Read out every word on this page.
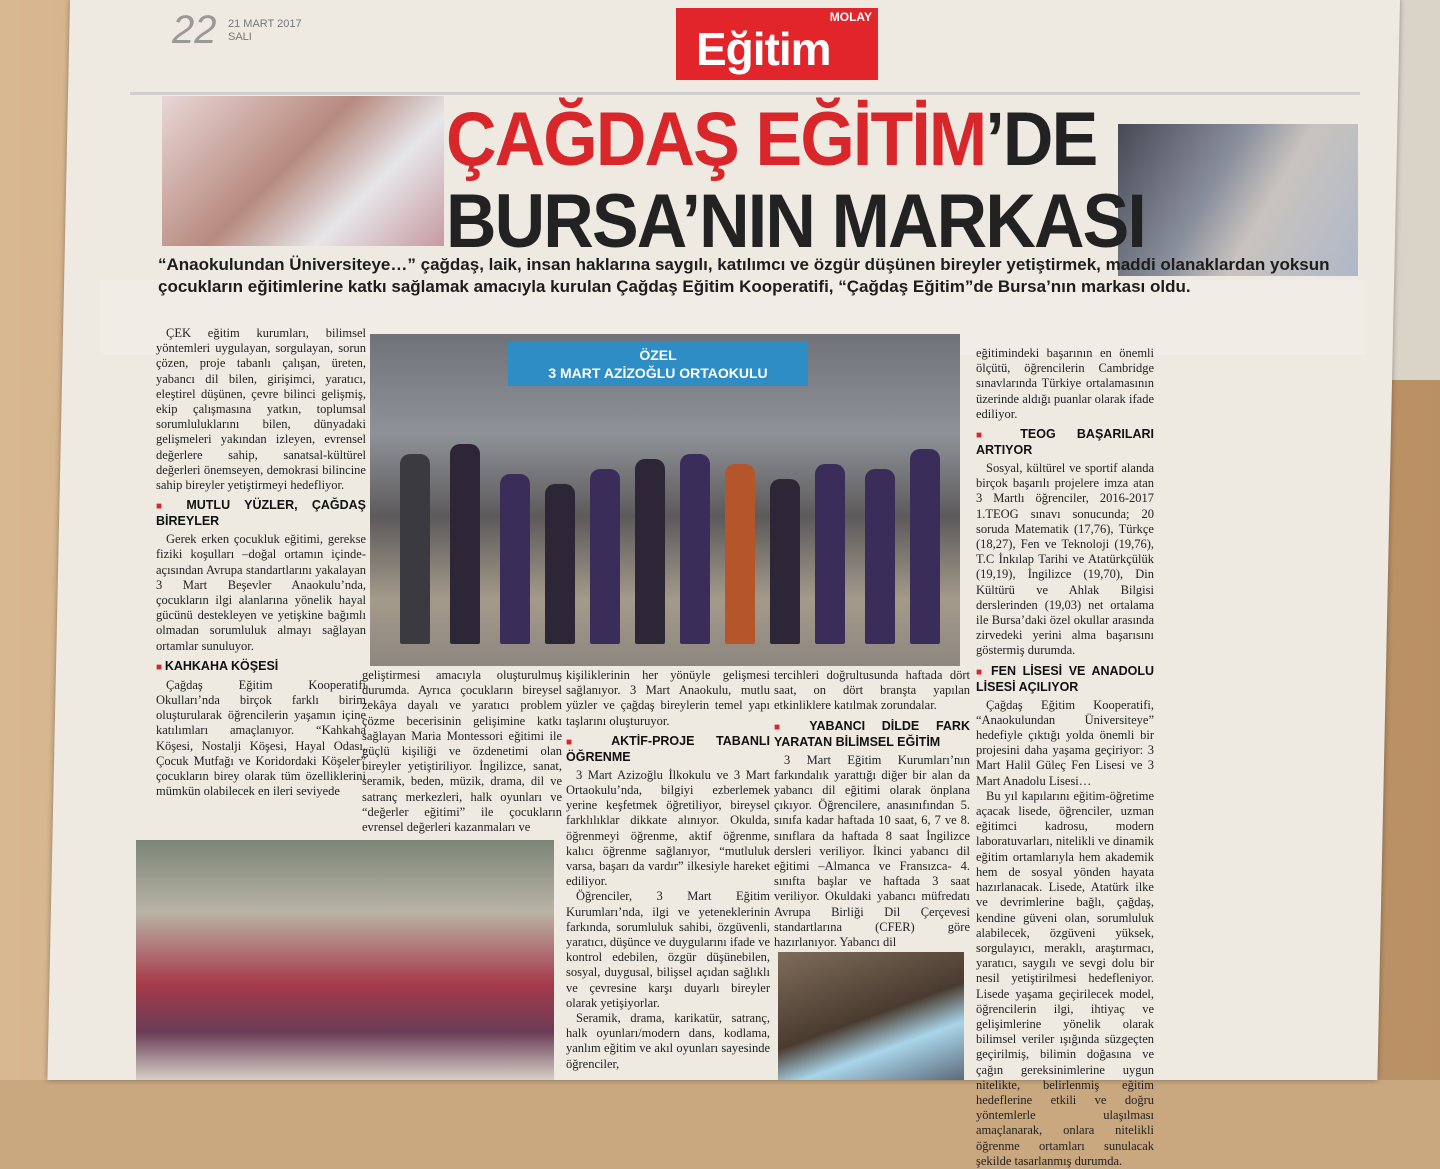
22 21 MART 2017
SALI
MOLAY
Eğitim
ÇAĞDAŞ EĞİTİM’DE
BURSA’NIN MARKASI
“Anaokulundan Üniversiteye…” çağdaş, laik, insan haklarına saygılı, katılımcı ve özgür düşünen bireyler yetiştirmek, maddi olanaklardan yoksun çocukların eğitimlerine katkı sağlamak amacıyla kurulan Çağdaş Eğitim Kooperatifi, “Çağdaş Eğitim”de Bursa’nın markası oldu.
ÖZEL
3 MART AZİZOĞLU ORTAOKULU

ÇEK eğitim kurumları, bilimsel yöntemleri uygulayan, sorgulayan, sorun çözen, proje tabanlı çalışan, üreten, yabancı dil bilen, girişimci, yaratıcı, eleştirel düşünen, çevre bilinci gelişmiş, ekip çalışmasına yatkın, toplumsal sorumluluklarını bilen, dünyadaki gelişmeleri yakından izleyen, evrensel değerlere sahip, sanatsal-kültürel değerleri önemseyen, demokrasi bilincine sahip bireyler yetiştirmeyi hedefliyor.

■ MUTLU YÜZLER, ÇAĞDAŞ BİREYLER

Gerek erken çocukluk eğitimi, gerekse fiziki koşulları –doğal ortamın içinde- açısından Avrupa standartlarını yakalayan 3 Mart Beşevler Anaokulu’nda, çocukların ilgi alanlarına yönelik hayal gücünü destekleyen ve yetişkine bağımlı olmadan sorumluluk almayı sağlayan ortamlar sunuluyor.

■ KAHKAHA KÖŞESİ

Çağdaş Eğitim Kooperatifi Okulları’nda birçok farklı birim oluşturularak öğrencilerin yaşamın içine katılımları amaçlanıyor. “Kahkaha Köşesi, Nostalji Köşesi, Hayal Odası, Çocuk Mutfağı ve Koridordaki Köşeler” çocukların birey olarak tüm özelliklerini mümkün olabilecek en ileri seviyede

geliştirmesi amacıyla oluşturulmuş durumda. Ayrıca çocukların bireysel zekâya dayalı ve yaratıcı problem çözme becerisinin gelişimine katkı sağlayan Maria Montessori eğitimi ile güçlü kişiliği ve özdenetimi olan bireyler yetiştiriliyor. İngilizce, sanat, seramik, beden, müzik, drama, dil ve satranç merkezleri, halk oyunları ve “değerler eğitimi” ile çocukların evrensel değerleri kazanmaları ve

kişiliklerinin her yönüyle gelişmesi sağlanıyor. 3 Mart Anaokulu, mutlu yüzler ve çağdaş bireylerin temel yapı taşlarını oluşturuyor.

■ AKTİF-PROJE TABANLI ÖĞRENME

3 Mart Azizoğlu İlkokulu ve 3 Mart Ortaokulu’nda, bilgiyi ezberlemek yerine keşfetmek öğretiliyor, bireysel farklılıklar dikkate alınıyor. Okulda, öğrenmeyi öğrenme, aktif öğrenme, kalıcı öğrenme sağlanıyor, “mutluluk varsa, başarı da vardır” ilkesiyle hareket ediliyor.

Öğrenciler, 3 Mart Eğitim Kurumları’nda, ilgi ve yeteneklerinin farkında, sorumluluk sahibi, özgüvenli, yaratıcı, düşünce ve duygularını ifade ve kontrol edebilen, özgür düşünebilen, sosyal, duygusal, bilişsel açıdan sağlıklı ve çevresine karşı duyarlı bireyler olarak yetişiyorlar.

Seramik, drama, karikatür, satranç, halk oyunları/modern dans, kodlama, yanlım eğitim ve akıl oyunları sayesinde öğrenciler,

tercihleri doğrultusunda haftada dört saat, on dört branşta yapılan etkinliklere katılmak zorundalar.

■ YABANCI DİLDE FARK YARATAN BİLİMSEL EĞİTİM

3 Mart Eğitim Kurumları’nın farkındalık yarattığı diğer bir alan da yabancı dil eğitimi olarak önplana çıkıyor. Öğrencilere, anasınıfından 5. sınıfa kadar haftada 10 saat, 6, 7 ve 8. sınıflara da haftada 8 saat İngilizce dersleri veriliyor. İkinci yabancı dil eğitimi –Almanca ve Fransızca- 4. sınıfta başlar ve haftada 3 saat veriliyor. Okuldaki yabancı müfredatı Avrupa Birliği Dil Çerçevesi standartlarına (CFER) göre hazırlanıyor. Yabancı dil

eğitimindeki başarının en önemli ölçütü, öğrencilerin Cambridge sınavlarında Türkiye ortalamasının üzerinde aldığı puanlar olarak ifade ediliyor.

■ TEOG BAŞARILARI ARTIYOR

Sosyal, kültürel ve sportif alanda birçok başarılı projelere imza atan 3 Martlı öğrenciler, 2016-2017 1.TEOG sınavı sonucunda; 20 soruda Matematik (17,76), Türkçe (18,27), Fen ve Teknoloji (19,76), T.C İnkılap Tarihi ve Atatürkçülük (19,19), İngilizce (19,70), Din Kültürü ve Ahlak Bilgisi derslerinden (19,03) net ortalama ile Bursa’daki özel okullar arasında zirvedeki yerini alma başarısını göstermiş durumda.

■ FEN LİSESİ VE ANADOLU LİSESİ AÇILIYOR

Çağdaş Eğitim Kooperatifi, “Anaokulundan Üniversiteye” hedefiyle çıktığı yolda önemli bir projesini daha yaşama geçiriyor: 3 Mart Halil Güleç Fen Lisesi ve 3 Mart Anadolu Lisesi…

Bu yıl kapılarını eğitim-öğretime açacak lisede, öğrenciler, uzman eğitimci kadrosu, modern laboratuvarları, nitelikli ve dinamik eğitim ortamlarıyla hem akademik hem de sosyal yönden hayata hazırlanacak. Lisede, Atatürk ilke ve devrimlerine bağlı, çağdaş, kendine güveni olan, sorumluluk alabilecek, özgüveni yüksek, sorgulayıcı, meraklı, araştırmacı, yaratıcı, saygılı ve sevgi dolu bir nesil yetiştirilmesi hedefleniyor. Lisede yaşama geçirilecek model, öğrencilerin ilgi, ihtiyaç ve gelişimlerine yönelik olarak bilimsel veriler ışığında süzgeçten geçirilmiş, bilimin doğasına ve çağın gereksinimlerine uygun nitelikte, belirlenmiş eğitim hedeflerine etkili ve doğru yöntemlerle ulaşılması amaçlanarak, onlara nitelikli öğrenme ortamları sunulacak şekilde tasarlanmış durumda.
